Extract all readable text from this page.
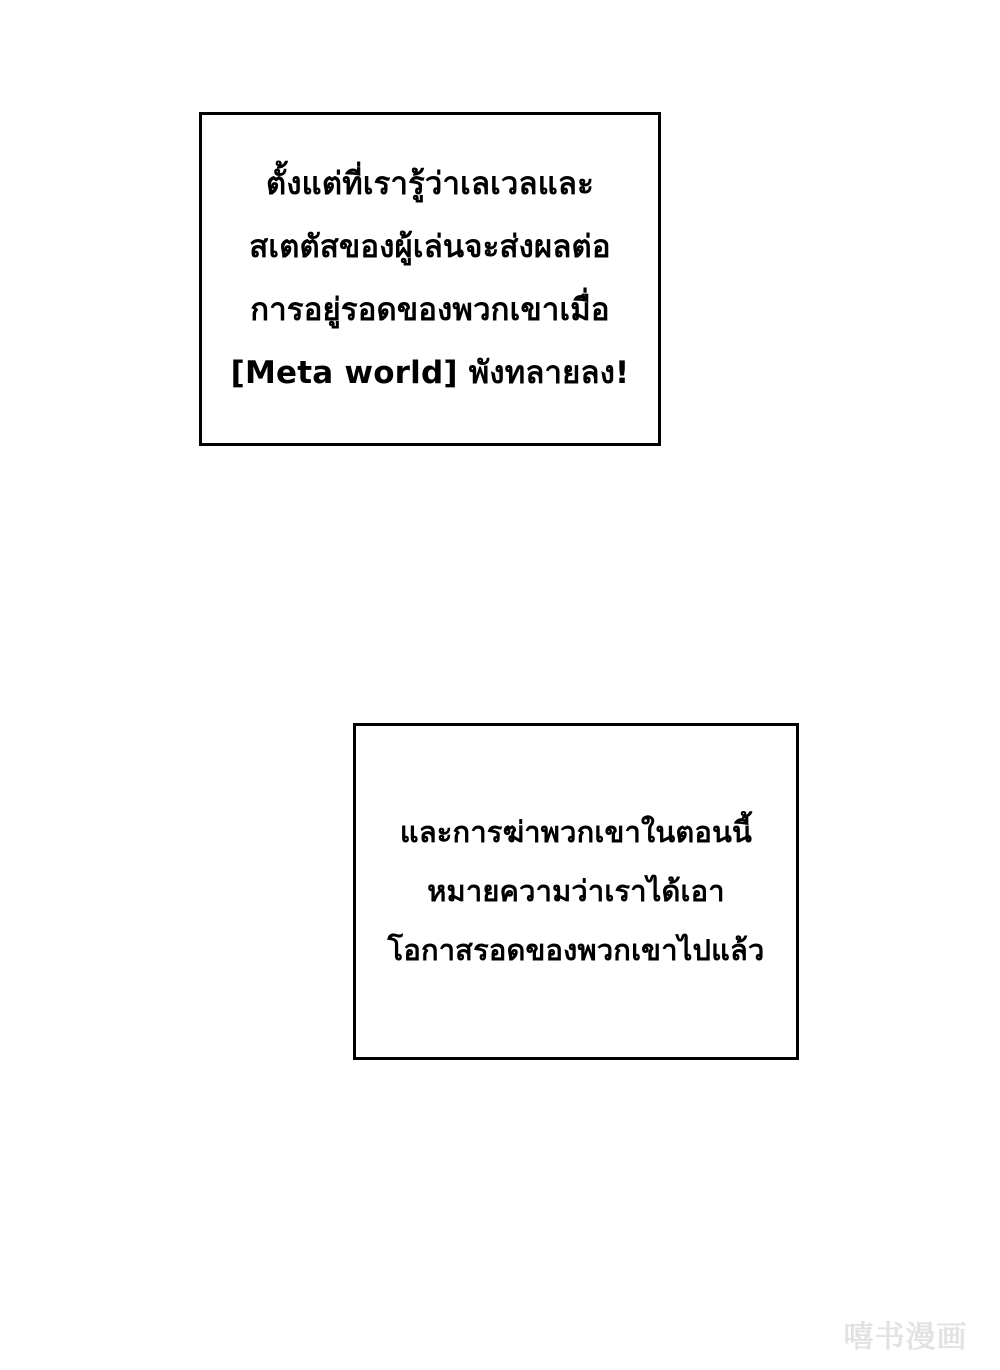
ตั้งแต่ที่เรารู้ว่าเลเวลและ
สเตตัสของผู้เล่นจะส่งผลต่อ
การอยู่รอดของพวกเขาเมื่อ
[Meta world] พังทลายลง!
และการฆ่าพวกเขาในตอนนี้
หมายความว่าเราได้เอา
โอกาสรอดของพวกเขาไปแล้ว
嘻书漫画
